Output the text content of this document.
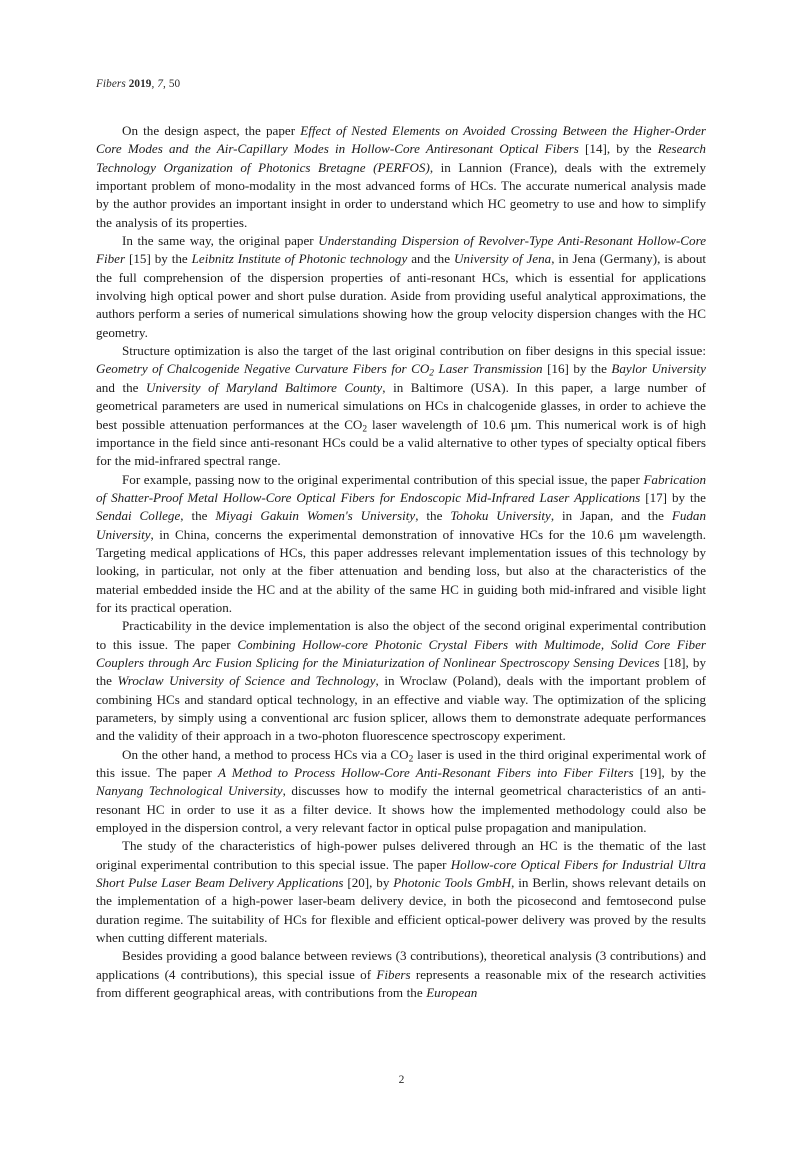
Fibers 2019, 7, 50

On the design aspect, the paper Effect of Nested Elements on Avoided Crossing Between the Higher-Order Core Modes and the Air-Capillary Modes in Hollow-Core Antiresonant Optical Fibers [14], by the Research Technology Organization of Photonics Bretagne (PERFOS), in Lannion (France), deals with the extremely important problem of mono-modality in the most advanced forms of HCs. The accurate numerical analysis made by the author provides an important insight in order to understand which HC geometry to use and how to simplify the analysis of its properties.

In the same way, the original paper Understanding Dispersion of Revolver-Type Anti-Resonant Hollow-Core Fiber [15] by the Leibnitz Institute of Photonic technology and the University of Jena, in Jena (Germany), is about the full comprehension of the dispersion properties of anti-resonant HCs, which is essential for applications involving high optical power and short pulse duration. Aside from providing useful analytical approximations, the authors perform a series of numerical simulations showing how the group velocity dispersion changes with the HC geometry.

Structure optimization is also the target of the last original contribution on fiber designs in this special issue: Geometry of Chalcogenide Negative Curvature Fibers for $CO_2$ Laser Transmission [16] by the Baylor University and the University of Maryland Baltimore County, in Baltimore (USA). In this paper, a large number of geometrical parameters are used in numerical simulations on HCs in chalcogenide glasses, in order to achieve the best possible attenuation performances at the $CO_2$ laser wavelength of 10.6 µm. This numerical work is of high importance in the field since anti-resonant HCs could be a valid alternative to other types of specialty optical fibers for the mid-infrared spectral range.

For example, passing now to the original experimental contribution of this special issue, the paper Fabrication of Shatter-Proof Metal Hollow-Core Optical Fibers for Endoscopic Mid-Infrared Laser Applications [17] by the Sendai College, the Miyagi Gakuin Women's University, the Tohoku University, in Japan, and the Fudan University, in China, concerns the experimental demonstration of innovative HCs for the 10.6 µm wavelength. Targeting medical applications of HCs, this paper addresses relevant implementation issues of this technology by looking, in particular, not only at the fiber attenuation and bending loss, but also at the characteristics of the material embedded inside the HC and at the ability of the same HC in guiding both mid-infrared and visible light for its practical operation.

Practicability in the device implementation is also the object of the second original experimental contribution to this issue. The paper Combining Hollow-core Photonic Crystal Fibers with Multimode, Solid Core Fiber Couplers through Arc Fusion Splicing for the Miniaturization of Nonlinear Spectroscopy Sensing Devices [18], by the Wroclaw University of Science and Technology, in Wroclaw (Poland), deals with the important problem of combining HCs and standard optical technology, in an effective and viable way. The optimization of the splicing parameters, by simply using a conventional arc fusion splicer, allows them to demonstrate adequate performances and the validity of their approach in a two-photon fluorescence spectroscopy experiment.

On the other hand, a method to process HCs via a $CO_2$ laser is used in the third original experimental work of this issue. The paper A Method to Process Hollow-Core Anti-Resonant Fibers into Fiber Filters [19], by the Nanyang Technological University, discusses how to modify the internal geometrical characteristics of an anti-resonant HC in order to use it as a filter device. It shows how the implemented methodology could also be employed in the dispersion control, a very relevant factor in optical pulse propagation and manipulation.

The study of the characteristics of high-power pulses delivered through an HC is the thematic of the last original experimental contribution to this special issue. The paper Hollow-core Optical Fibers for Industrial Ultra Short Pulse Laser Beam Delivery Applications [20], by Photonic Tools GmbH, in Berlin, shows relevant details on the implementation of a high-power laser-beam delivery device, in both the picosecond and femtosecond pulse duration regime. The suitability of HCs for flexible and efficient optical-power delivery was proved by the results when cutting different materials.

Besides providing a good balance between reviews (3 contributions), theoretical analysis (3 contributions) and applications (4 contributions), this special issue of Fibers represents a reasonable mix of the research activities from different geographical areas, with contributions from the European

2
